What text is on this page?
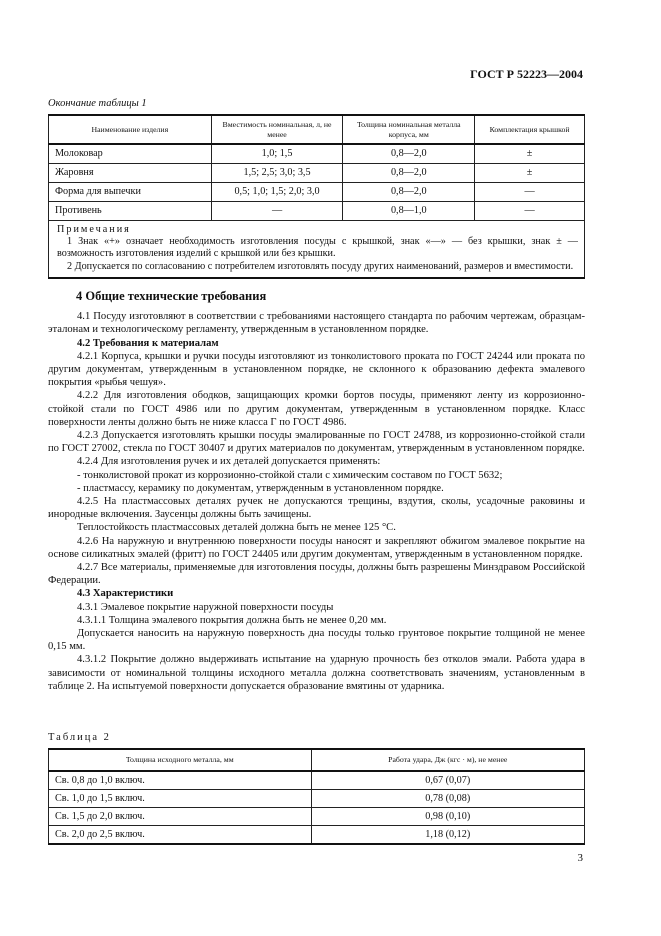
ГОСТ Р 52223—2004
Окончание таблицы 1
Наименование изделия	Вместимость номинальная, л, не менее	Толщина номинальная металла корпуса, мм	Комплектация крышкой
Молоковар	1,0; 1,5	0,8—2,0	±
Жаровня	1,5; 2,5; 3,0; 3,5	0,8—2,0	±
Форма для выпечки	0,5; 1,0; 1,5; 2,0; 3,0	0,8—2,0	—
Противень	—	0,8—1,0	—

Примечания
1 Знак «+» означает необходимость изготовления посуды с крышкой, знак «—» — без крышки, знак ± — возможность изготовления изделий с крышкой или без крышки.
2 Допускается по согласованию с потребителем изготовлять посуду других наименований, размеров и вместимости.			
4 Общие технические требования

4.1 Посуду изготовляют в соответствии с требованиями настоящего стандарта по рабочим чертежам, образцам-эталонам и технологическому регламенту, утвержденным в установленном порядке.

4.2 Требования к материалам

4.2.1 Корпуса, крышки и ручки посуды изготовляют из тонколистового проката по ГОСТ 24244 или проката по другим документам, утвержденным в установленном порядке, не склонного к образованию дефекта эмалевого покрытия «рыбья чешуя».

4.2.2 Для изготовления ободков, защищающих кромки бортов посуды, применяют ленту из коррозионно-стойкой стали по ГОСТ 4986 или по другим документам, утвержденным в установленном порядке. Класс поверхности ленты должно быть не ниже класса Г по ГОСТ 4986.

4.2.3 Допускается изготовлять крышки посуды эмалированные по ГОСТ 24788, из коррозионно-стойкой стали по ГОСТ 27002, стекла по ГОСТ 30407 и других материалов по документам, утвержденным в установленном порядке.

4.2.4 Для изготовления ручек и их деталей допускается применять:

- тонколистовой прокат из коррозионно-стойкой стали с химическим составом по ГОСТ 5632;
- пластмассу, керамику по документам, утвержденным в установленном порядке.

4.2.5 На пластмассовых деталях ручек не допускаются трещины, вздутия, сколы, усадочные раковины и инородные включения. Заусенцы должны быть зачищены.

Теплостойкость пластмассовых деталей должна быть не менее 125 °С.

4.2.6 На наружную и внутреннюю поверхности посуды наносят и закрепляют обжигом эмалевое покрытие на основе силикатных эмалей (фритт) по ГОСТ 24405 или другим документам, утвержденным в установленном порядке.

4.2.7 Все материалы, применяемые для изготовления посуды, должны быть разрешены Минздравом Российской Федерации.

4.3 Характеристики

4.3.1 Эмалевое покрытие наружной поверхности посуды

4.3.1.1 Толщина эмалевого покрытия должна быть не менее 0,20 мм.

Допускается наносить на наружную поверхность дна посуды только грунтовое покрытие толщиной не менее 0,15 мм.

4.3.1.2 Покрытие должно выдерживать испытание на ударную прочность без отколов эмали. Работа удара в зависимости от номинальной толщины исходного металла должна соответствовать значениям, установленным в таблице 2. На испытуемой поверхности допускается образование вмятины от ударника.

Таблица 2
Толщина исходного металла, мм	Работа удара, Дж (кгс · м), не менее
Св. 0,8 до 1,0 включ.	0,67 (0,07)
Св. 1,0 до 1,5 включ.	0,78 (0,08)
Св. 1,5 до 2,0 включ.	0,98 (0,10)
Св. 2,0 до 2,5 включ.	1,18 (0,12)
3
